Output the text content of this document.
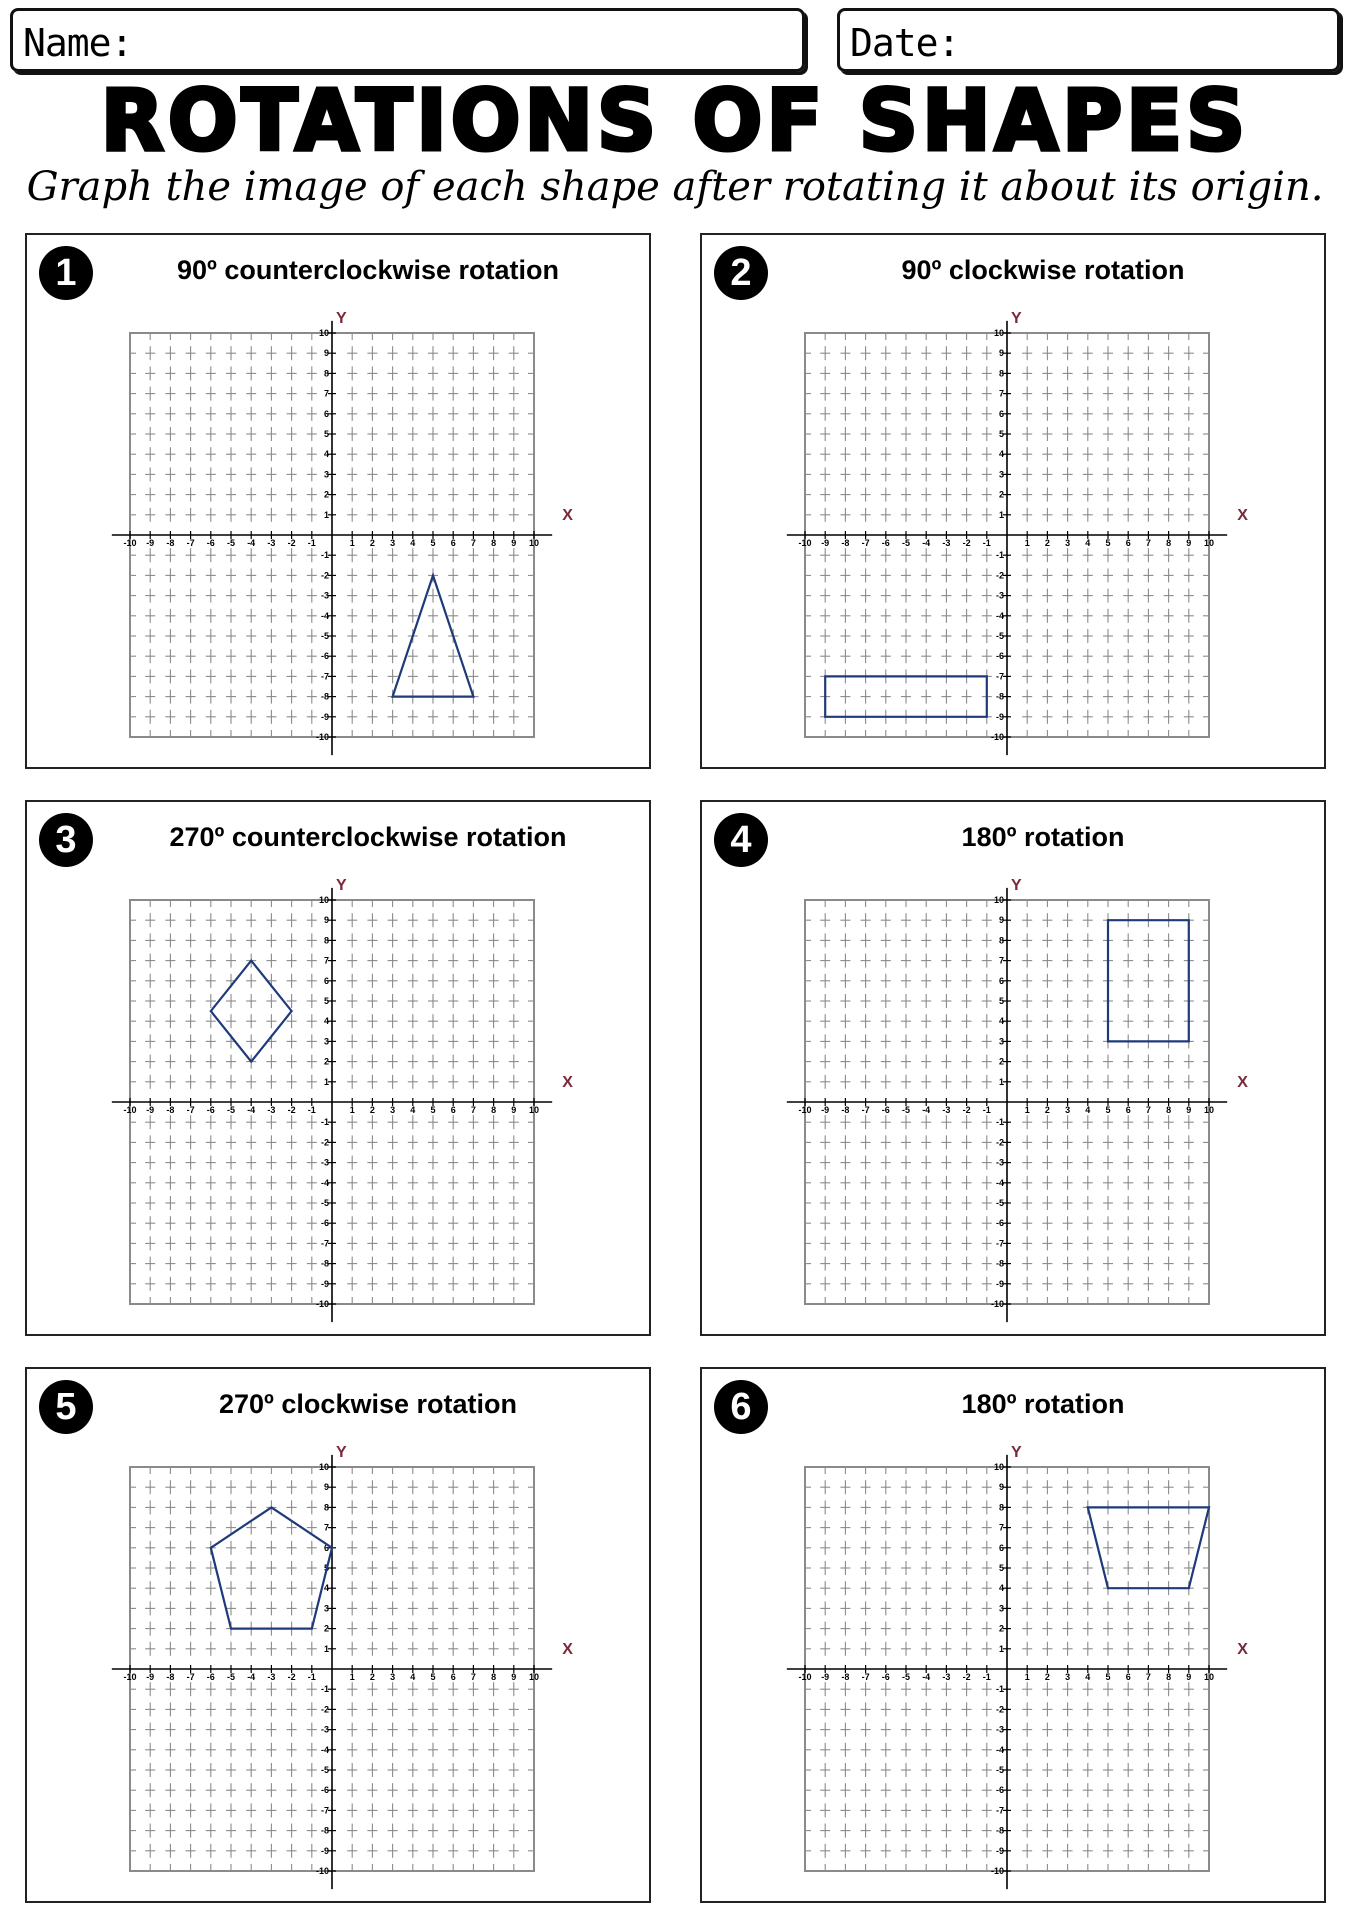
Name:	Date:
ROTATIONS OF SHAPES
Graph the image of each shape after rotating it about its origin.
1	90º counterclockwise rotation
-10
-10
-9
-9
-8
-8
-7
-7
-6
-6
-5
-5
-4
-4
-3
-3
-2
-2
-1
-1
1
1
2
2
3
3
4
4
5
5
6
6
7
7
8
8
9
9
10
10
X
Y
2	90º clockwise rotation
-10
-10
-9
-9
-8
-8
-7
-7
-6
-6
-5
-5
-4
-4
-3
-3
-2
-2
-1
-1
1
1
2
2
3
3
4
4
5
5
6
6
7
7
8
8
9
9
10
10
X
Y
3	270º counterclockwise rotation
-10
-10
-9
-9
-8
-8
-7
-7
-6
-6
-5
-5
-4
-4
-3
-3
-2
-2
-1
-1
1
1
2
2
3
3
4
4
5
5
6
6
7
7
8
8
9
9
10
10
X
Y
4	180º rotation
-10
-10
-9
-9
-8
-8
-7
-7
-6
-6
-5
-5
-4
-4
-3
-3
-2
-2
-1
-1
1
1
2
2
3
3
4
4
5
5
6
6
7
7
8
8
9
9
10
10
X
Y
5	270º clockwise rotation
-10
-10
-9
-9
-8
-8
-7
-7
-6
-6
-5
-5
-4
-4
-3
-3
-2
-2
-1
-1
1
1
2
2
3
3
4
4
5
5
6
6
7
7
8
8
9
9
10
10
X
Y
6	180º rotation
-10
-10
-9
-9
-8
-8
-7
-7
-6
-6
-5
-5
-4
-4
-3
-3
-2
-2
-1
-1
1
1
2
2
3
3
4
4
5
5
6
6
7
7
8
8
9
9
10
10
X
Y
